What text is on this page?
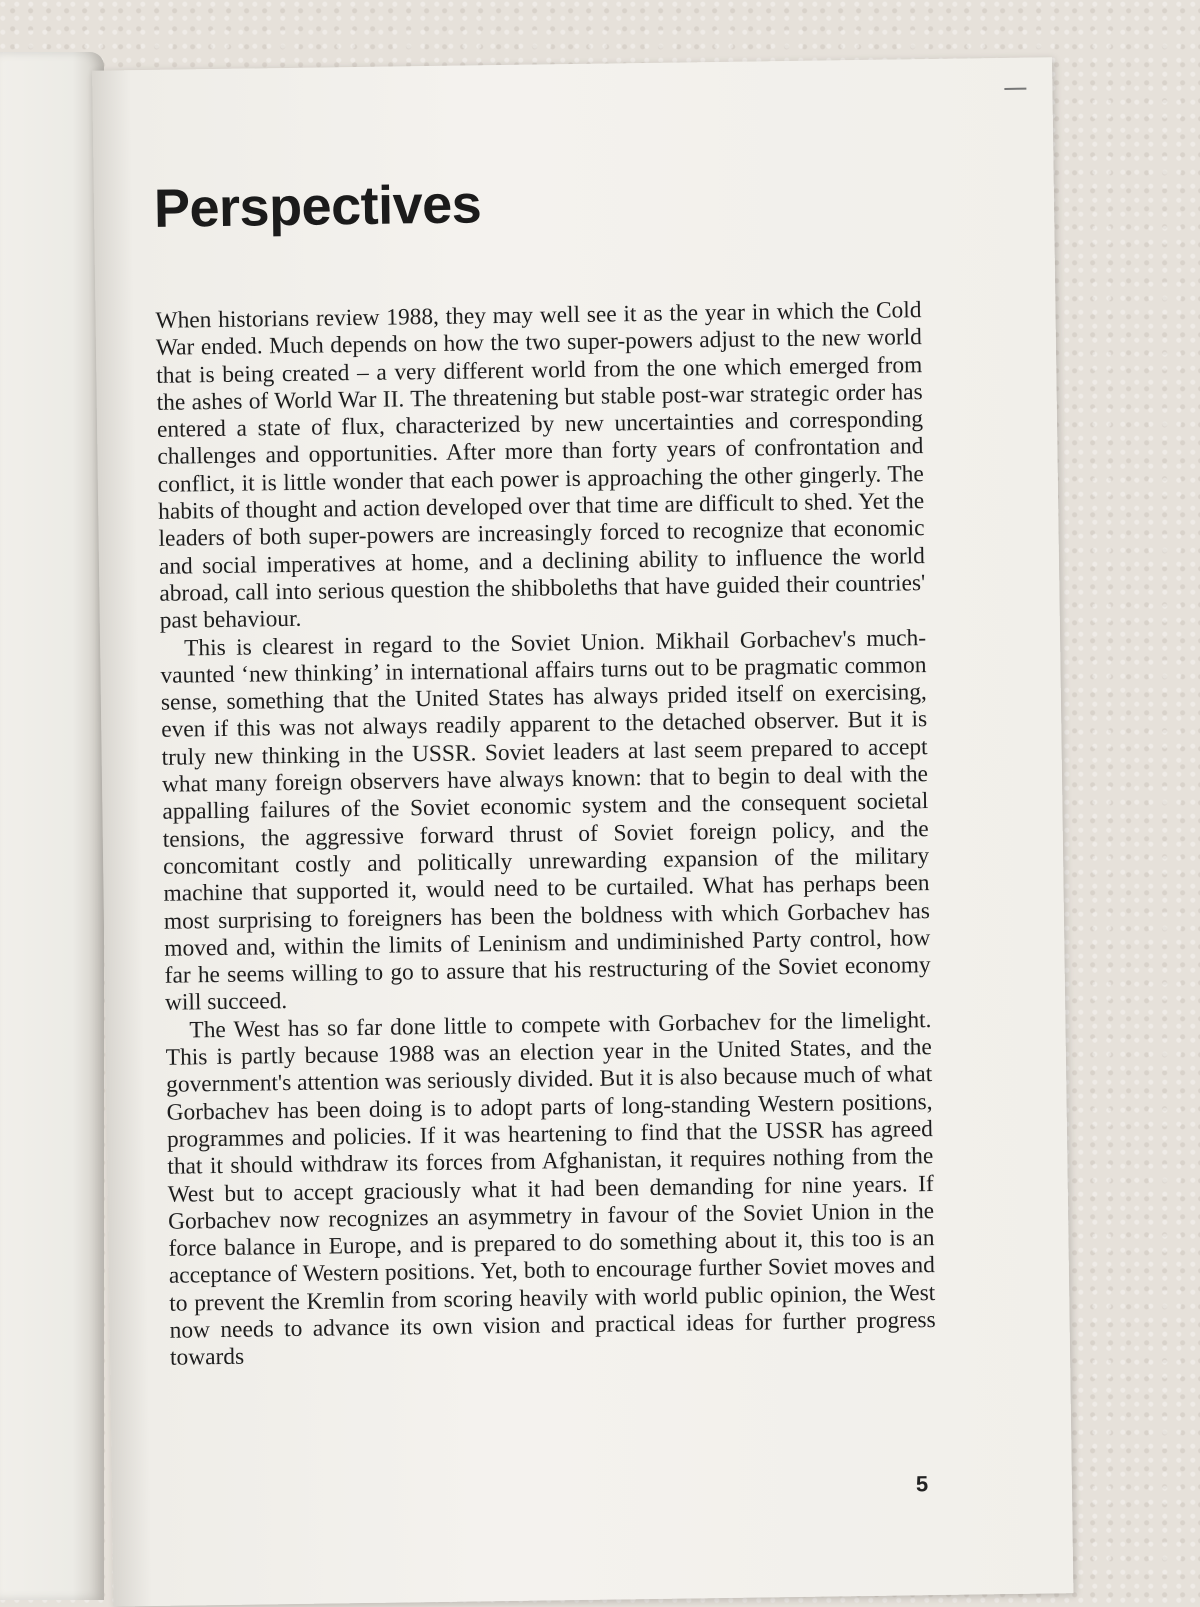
Perspectives

When historians review 1988, they may well see it as the year in which the Cold War ended. Much depends on how the two super-powers adjust to the new world that is being created – a very different world from the one which emerged from the ashes of World War II. The threatening but stable post-war strategic order has entered a state of flux, characterized by new uncertainties and corresponding challenges and opportunities. After more than forty years of confrontation and conflict, it is little wonder that each power is approaching the other gingerly. The habits of thought and action developed over that time are difficult to shed. Yet the leaders of both super-powers are increasingly forced to recognize that economic and social imperatives at home, and a declining ability to influence the world abroad, call into serious question the shibboleths that have guided their countries' past behaviour.

This is clearest in regard to the Soviet Union. Mikhail Gorbachev's much-vaunted ‘new thinking’ in international affairs turns out to be pragmatic common sense, something that the United States has always prided itself on exercising, even if this was not always readily apparent to the detached observer. But it is truly new thinking in the USSR. Soviet leaders at last seem prepared to accept what many foreign observers have always known: that to begin to deal with the appalling failures of the Soviet economic system and the consequent societal tensions, the aggressive forward thrust of Soviet foreign policy, and the concomitant costly and politically unrewarding expansion of the military machine that supported it, would need to be curtailed. What has perhaps been most surprising to foreigners has been the boldness with which Gorbachev has moved and, within the limits of Leninism and undiminished Party control, how far he seems willing to go to assure that his restructuring of the Soviet economy will succeed.

The West has so far done little to compete with Gorbachev for the limelight. This is partly because 1988 was an election year in the United States, and the government's attention was seriously divided. But it is also because much of what Gorbachev has been doing is to adopt parts of long-standing Western positions, programmes and policies. If it was heartening to find that the USSR has agreed that it should withdraw its forces from Afghanistan, it requires nothing from the West but to accept graciously what it had been demanding for nine years. If Gorbachev now recognizes an asymmetry in favour of the Soviet Union in the force balance in Europe, and is prepared to do something about it, this too is an acceptance of Western positions. Yet, both to encourage further Soviet moves and to prevent the Kremlin from scoring heavily with world public opinion, the West now needs to advance its own vision and practical ideas for further progress towards

5
